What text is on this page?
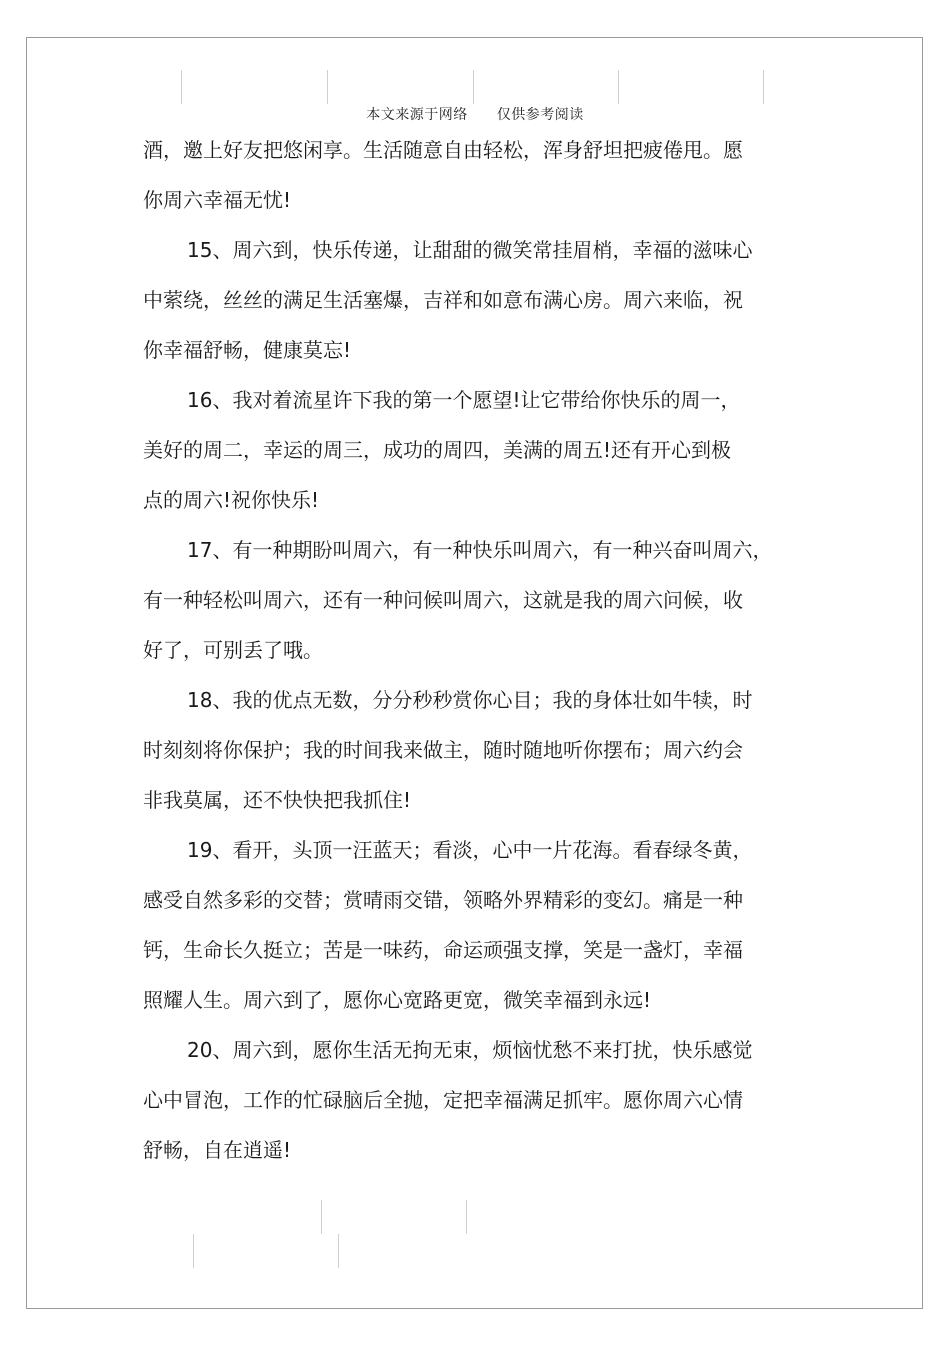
本文来源于网络 仅供参考阅读
酒，邀上好友把悠闲享。生活随意自由轻松，浑身舒坦把疲倦甩。愿
你周六幸福无忧!
15、周六到，快乐传递，让甜甜的微笑常挂眉梢，幸福的滋味心
中萦绕，丝丝的满足生活塞爆，吉祥和如意布满心房。周六来临，祝
你幸福舒畅，健康莫忘!
16、我对着流星许下我的第一个愿望!让它带给你快乐的周一，
美好的周二，幸运的周三，成功的周四，美满的周五!还有开心到极
点的周六!祝你快乐!
17、有一种期盼叫周六，有一种快乐叫周六，有一种兴奋叫周六，
有一种轻松叫周六，还有一种问候叫周六，这就是我的周六问候，收
好了，可别丢了哦。
18、我的优点无数，分分秒秒赏你心目；我的身体壮如牛犊，时
时刻刻将你保护；我的时间我来做主，随时随地听你摆布；周六约会
非我莫属，还不快快把我抓住!
19、看开，头顶一汪蓝天；看淡，心中一片花海。看春绿冬黄，
感受自然多彩的交替；赏晴雨交错，领略外界精彩的变幻。痛是一种
钙，生命长久挺立；苦是一味药，命运顽强支撑，笑是一盏灯，幸福
照耀人生。周六到了，愿你心宽路更宽，微笑幸福到永远!
20、周六到，愿你生活无拘无束，烦恼忧愁不来打扰，快乐感觉
心中冒泡，工作的忙碌脑后全抛，定把幸福满足抓牢。愿你周六心情
舒畅，自在逍遥!
